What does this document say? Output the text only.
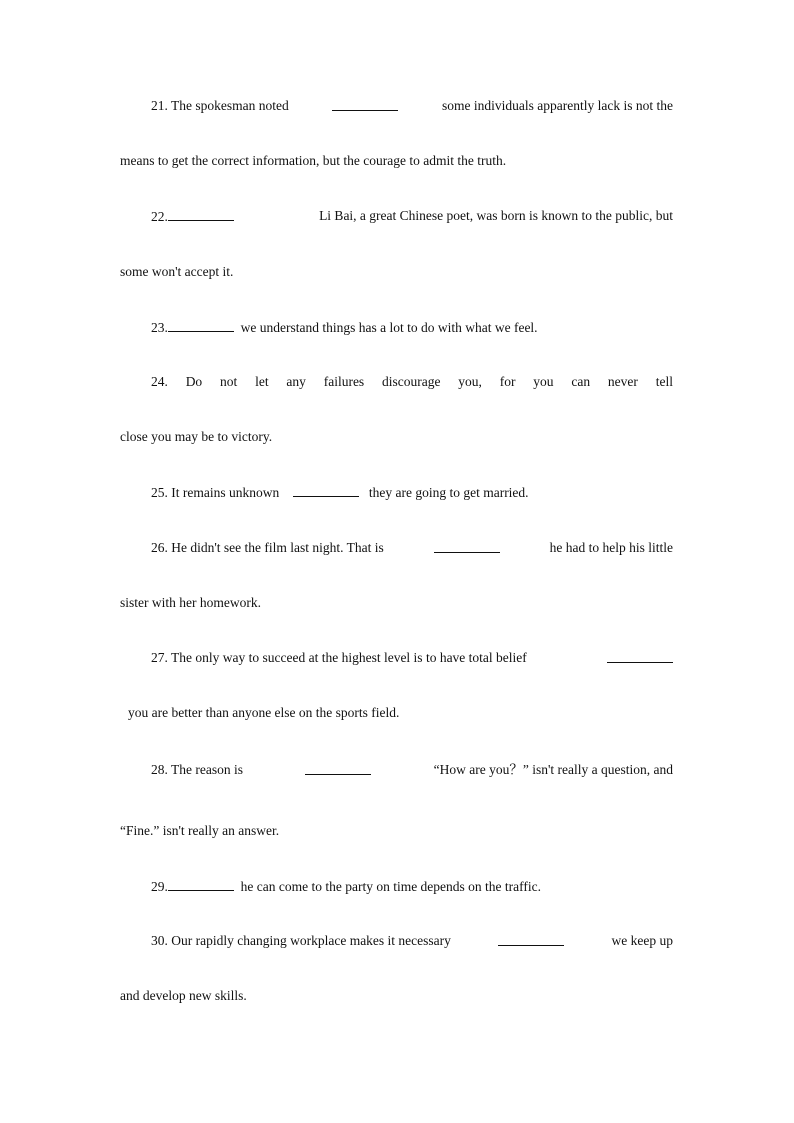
21. The spokesman noted	some individuals apparently lack is not the
means to get the correct information, but the courage to admit the truth.
22.	Li Bai, a great Chinese poet, was born is known to the public, but
some won't accept it.
23.	we understand things has a lot to do with what we feel.
24. Do not let any failures discourage you, for you can never tell
close you may be to victory.
25. It remains unknown	they are going to get married.
26. He didn't see the film last night. That is	he had to help his little
sister with her homework.
27. The only way to succeed at the highest level is to have total belief
you are better than anyone else on the sports field.
28. The reason is	“How are you？” isn't really a question, and
“Fine.” isn't really an answer.
29.	he can come to the party on time depends on the traffic.
30. Our rapidly changing workplace makes it necessary	we keep up
and develop new skills.
